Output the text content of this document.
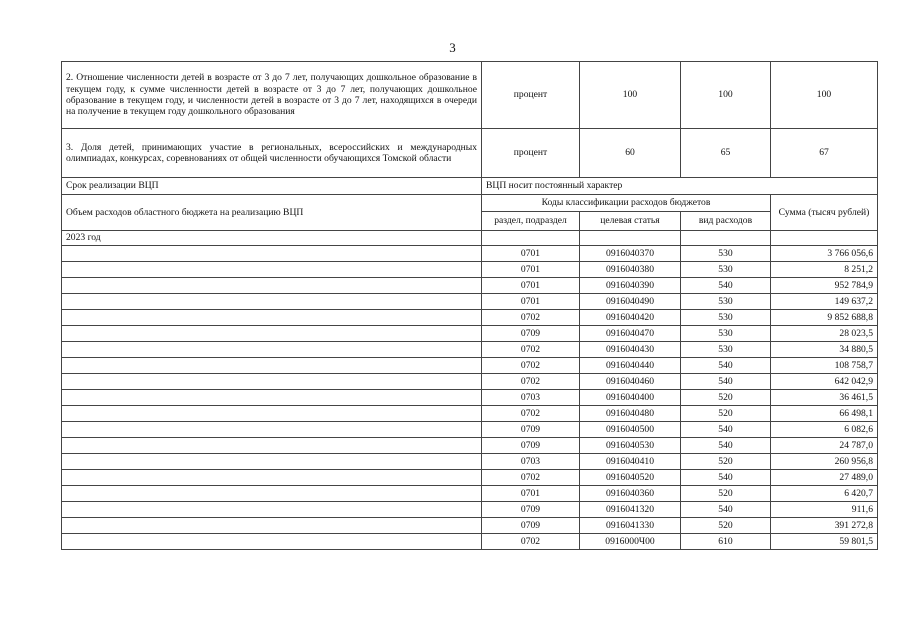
3
2. Отношение численности детей в возрасте от 3 до 7 лет, получающих дошкольное образование в текущем году, к сумме численности детей в возрасте от 3 до 7 лет, получающих дошкольное образование в текущем году, и численности детей в возрасте от 3 до 7 лет, находящихся в очереди на получение в текущем году дошкольного образования	процент	100	100	100
3. Доля детей, принимающих участие в региональных, всероссийских и международных олимпиадах, конкурсах, соревнованиях от общей численности обучающихся Томской области	процент	60	65	67
Срок реализации ВЦП	ВЦП носит постоянный характер			
Объем расходов областного бюджета на реализацию ВЦП	Коды классификации расходов бюджетов			Сумма (тысяч рублей)
	раздел, подраздел	целевая статья	вид расходов	
2023 год				
	0701	0916040370	530	3 766 056,6
	0701	0916040380	530	8 251,2
	0701	0916040390	540	952 784,9
	0701	0916040490	530	149 637,2
	0702	0916040420	530	9 852 688,8
	0709	0916040470	530	28 023,5
	0702	0916040430	530	34 880,5
	0702	0916040440	540	108 758,7
	0702	0916040460	540	642 042,9
	0703	0916040400	520	36 461,5
	0702	0916040480	520	66 498,1
	0709	0916040500	540	6 082,6
	0709	0916040530	540	24 787,0
	0703	0916040410	520	260 956,8
	0702	0916040520	540	27 489,0
	0701	0916040360	520	6 420,7
	0709	0916041320	540	911,6
	0709	0916041330	520	391 272,8
	0702	0916000Ч00	610	59 801,5
